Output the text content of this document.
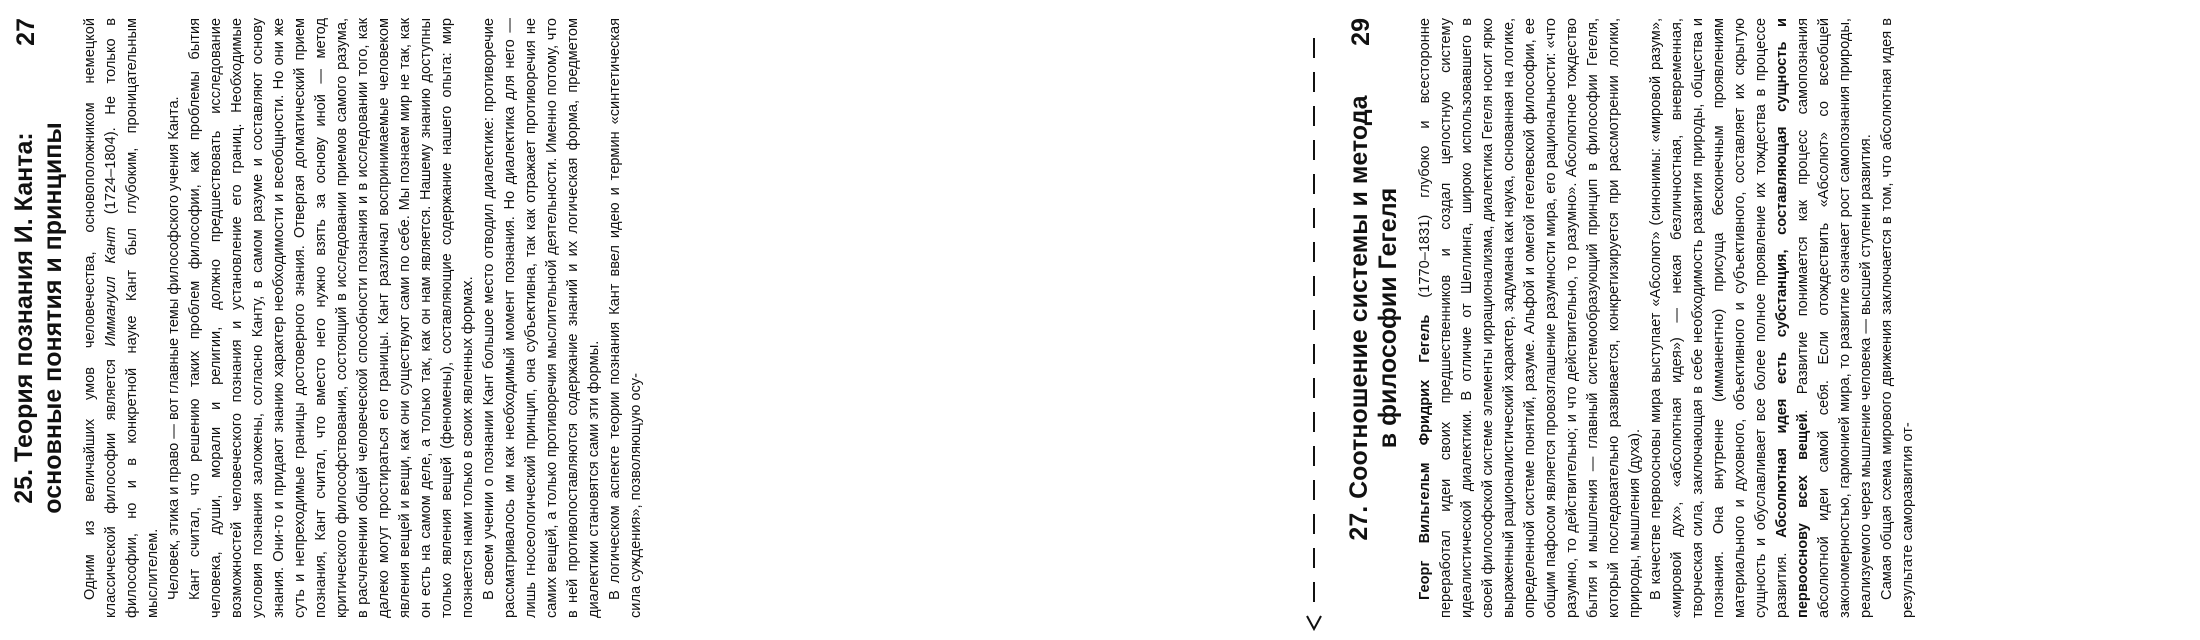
25. Теория познания И. Канта: основные понятия и принципы
27	Одним из величайших умов человечества, основоположником немецкой классической философии является Иммануил Кант (1724–1804). Не только в философии, но и в конкретной науке Кант был глубоким, проницательным мыслителем. Человек, этика и право — вот главные темы философского учения Канта. Кант считал, что решению таких проблем философии, как проблемы бытия человека, души, морали и религии, должно предшествовать исследование возможностей человеческого познания и установление его границ. Необходимые условия познания заложены, согласно Канту, в самом разуме и составляют основу знания. Они-то и придают знанию характер необходимости и всеобщности. Но они же суть и непреходимые границы достоверного знания. Отвергая догматический прием познания, Кант считал, что вместо него нужно взять за основу иной — метод критического философствования, состоящий в исследовании приемов самого разума, в расчленении общей человеческой способности познания и в исследовании того, как далеко могут простираться его границы. Кант различал воспринимаемые человеком явления вещей и вещи, как они существуют сами по себе. Мы познаем мир не так, как он есть на самом деле, а только так, как он нам является. Нашему знанию доступны только явления вещей (феномены), составляющие содержание нашего опыта: мир познается нами только в своих явленных формах. В своем учении о познании Кант большое место отводил диалектике: противоречие рассматривалось им как необходимый момент познания. Но диалектика для него — лишь гносеологический принцип, она субъективна, так как отражает противоречия не самих вещей, а только противоречия мыслительной деятельности. Именно потому, что в ней противопоставляются содержание знаний и их логическая форма, предметом диалектики становятся сами эти формы. В логическом аспекте теории познания Кант ввел идею и термин «синтетическая сила суждения», позволяющую осу-	27. Соотношение системы и метода в философии Гегеля
29

Георг Вильгельм Фридрих Гегель (1770–1831) глубоко и всесторонне переработал идеи своих предшественников и создал целостную систему идеалистической диалектики. В отличие от Шеллинга, широко использовавшего в своей философской системе элементы иррационализма, диалектика Гегеля носит ярко выраженный рационалистический характер, задумана как наука, основанная на логике, определенной системе понятий, разуме. Альфой и омегой гегелевской философии, ее общим пафосом является провозглашение разумности мира, его рациональности: «что разумно, то действительно; и что действительно, то разумно». Абсолютное тождество бытия и мышления — главный системообразующий принцип в философии Гегеля, который последовательно развивается, конкретизируется при рассмотрении логики, природы, мышления (духа). В качестве первоосновы мира выступает «Абсолют» (синонимы: «мировой разум», «мировой дух», «абсолютная идея») — некая безличностная, вневременная, творческая сила, заключающая в себе необходимость развития природы, общества и познания. Она внутренне (имманентно) присуща бесконечным проявлениям материального и духовного, объективного и субъективного, составляет их скрытую сущность и обуславливает все более полное проявление их тождества в процессе развития. Абсолютная идея есть субстанция, составляющая сущность и первооснову всех вещей. Развитие понимается как процесс самопознания абсолютной идеи самой себя. Если отождествить «Абсолют» со всеобщей закономерностью, гармонией мира, то развитие означает рост самопознания природы, реализуемого через мышление человека — высшей ступени развития. Самая общая схема мирового движения заключается в том, что абсолютная идея в результате саморазвития от-
